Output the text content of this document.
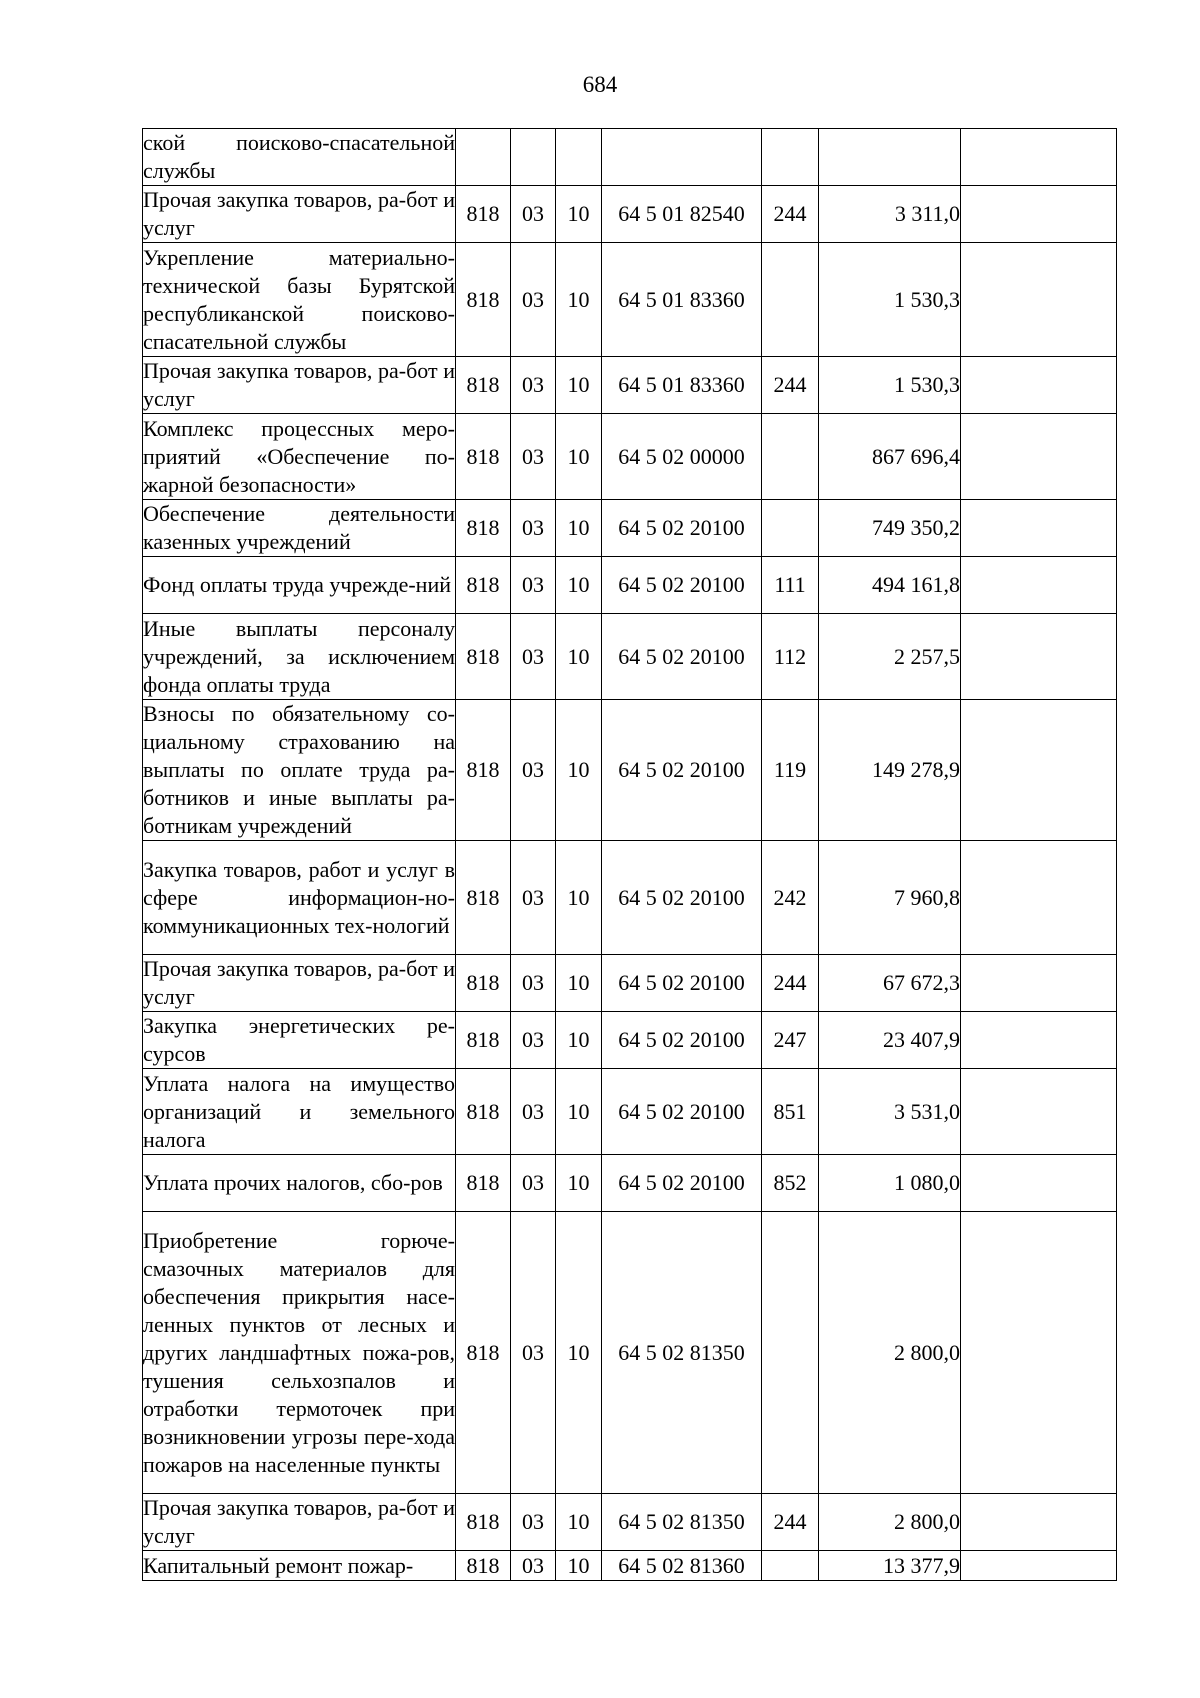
684
ской поисково-спасательной службы							
Прочая закупка товаров, ра-бот и услуг	818	03	10	64 5 01 82540	244	3 311,0	
Укрепление материально-технической базы Бурятской республиканской поисково-спасательной службы	818	03	10	64 5 01 83360		1 530,3	
Прочая закупка товаров, ра-бот и услуг	818	03	10	64 5 01 83360	244	1 530,3	
Комплекс процессных меро-приятий «Обеспечение по-жарной безопасности»	818	03	10	64 5 02 00000		867 696,4	
Обеспечение деятельности казенных учреждений	818	03	10	64 5 02 20100		749 350,2	
Фонд оплаты труда учрежде-ний	818	03	10	64 5 02 20100	111	494 161,8	
Иные выплаты персоналу учреждений, за исключением фонда оплаты труда	818	03	10	64 5 02 20100	112	2 257,5	
Взносы по обязательному со-циальному страхованию на выплаты по оплате труда ра-ботников и иные выплаты ра-ботникам учреждений	818	03	10	64 5 02 20100	119	149 278,9	
Закупка товаров, работ и услуг в сфере информацион-но-коммуникационных тех-нологий	818	03	10	64 5 02 20100	242	7 960,8	
Прочая закупка товаров, ра-бот и услуг	818	03	10	64 5 02 20100	244	67 672,3	
Закупка энергетических ре-сурсов	818	03	10	64 5 02 20100	247	23 407,9	
Уплата налога на имущество организаций и земельного налога	818	03	10	64 5 02 20100	851	3 531,0	
Уплата прочих налогов, сбо-ров	818	03	10	64 5 02 20100	852	1 080,0	
Приобретение горюче-смазочных материалов для обеспечения прикрытия насе-ленных пунктов от лесных и других ландшафтных пожа-ров, тушения сельхозпалов и отработки термоточек при возникновении угрозы пере-хода пожаров на населенные пункты	818	03	10	64 5 02 81350		2 800,0	
Прочая закупка товаров, ра-бот и услуг	818	03	10	64 5 02 81350	244	2 800,0	
Капитальный ремонт пожар-	818	03	10	64 5 02 81360		13 377,9	
